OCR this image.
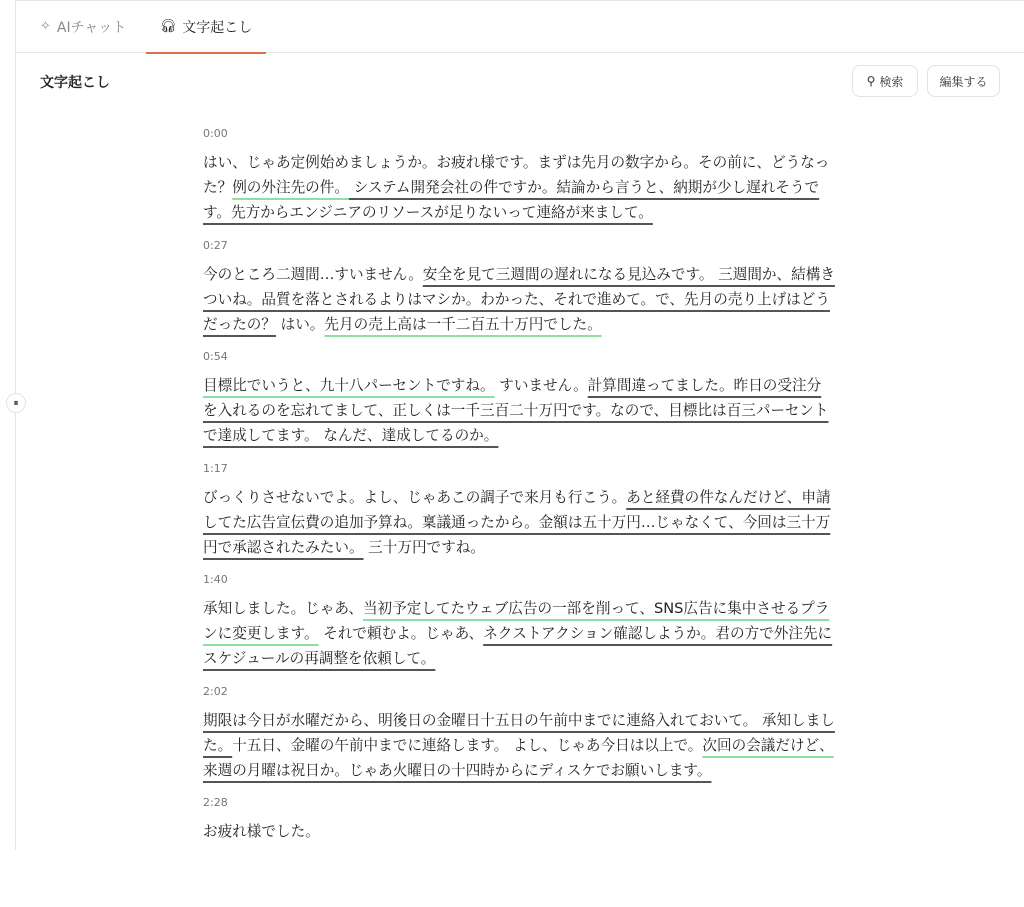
✧ AIチャット	🎧︎ 文字起こし
文字起こし	⚲ 検索	編集する
⏸︎
0:00
はい、じゃあ定例始めましょうか。お疲れ様です。まずは先月の数字から。その前に、どうなった？例の外注先の件。 システム開発会社の件ですか。結論から言うと、納期が少し遅れそうです。先方からエンジニアのリソースが足りないって連絡が来まして。
0:27
今のところ二週間…すいません。安全を見て三週間の遅れになる見込みです。 三週間か、結構きついね。品質を落とされるよりはマシか。わかった、それで進めて。で、先月の売り上げはどうだったの？ はい。先月の売上高は一千二百五十万円でした。
0:54
目標比でいうと、九十八パーセントですね。 すいません。計算間違ってました。昨日の受注分を入れるのを忘れてまして、正しくは一千三百二十万円です。なので、目標比は百三パーセントで達成してます。 なんだ、達成してるのか。
1:17
びっくりさせないでよ。よし、じゃあこの調子で来月も行こう。あと経費の件なんだけど、申請してた広告宣伝費の追加予算ね。稟議通ったから。金額は五十万円…じゃなくて、今回は三十万円で承認されたみたい。 三十万円ですね。
1:40
承知しました。じゃあ、当初予定してたウェブ広告の一部を削って、SNS広告に集中させるプランに変更します。 それで頼むよ。じゃあ、ネクストアクション確認しようか。君の方で外注先にスケジュールの再調整を依頼して。
2:02
期限は今日が水曜だから、明後日の金曜日十五日の午前中までに連絡入れておいて。 承知しました。十五日、金曜の午前中までに連絡します。 よし、じゃあ今日は以上で。次回の会議だけど、来週の月曜は祝日か。じゃあ火曜日の十四時からにディスケでお願いします。
2:28
お疲れ様でした。
